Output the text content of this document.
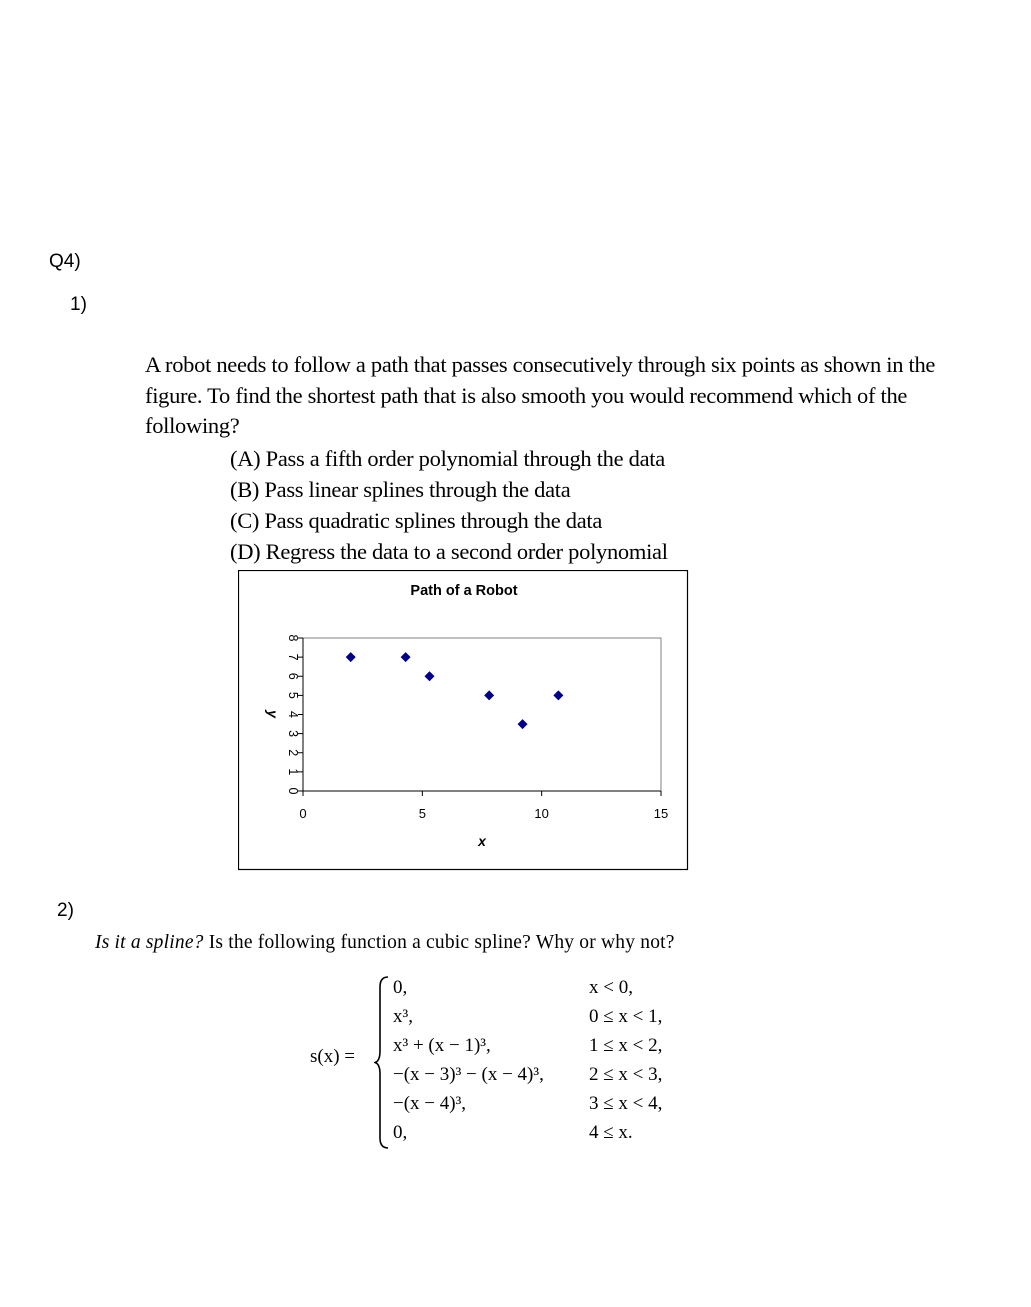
Q4)
1)
A robot needs to follow a path that passes consecutively through six points as shown in the figure. To find the shortest path that is also smooth you would recommend which of the following?
(A) Pass a fifth order polynomial through the data
(B) Pass linear splines through the data
(C) Pass quadratic splines through the data
(D) Regress the data to a second order polynomial
Path of a Robot
0
1
2
3
4
5
6
7
8
0	5	10	15
x
y
2)
Is it a spline? Is the following function a cubic spline? Why or why not?
s(x) =
0,	x < 0,
x³,	0 ≤ x < 1,
x³ + (x − 1)³,	1 ≤ x < 2,
−(x − 3)³ − (x − 4)³, 2 ≤ x < 3,
−(x − 4)³,	3 ≤ x < 4,
0,	4 ≤ x.
